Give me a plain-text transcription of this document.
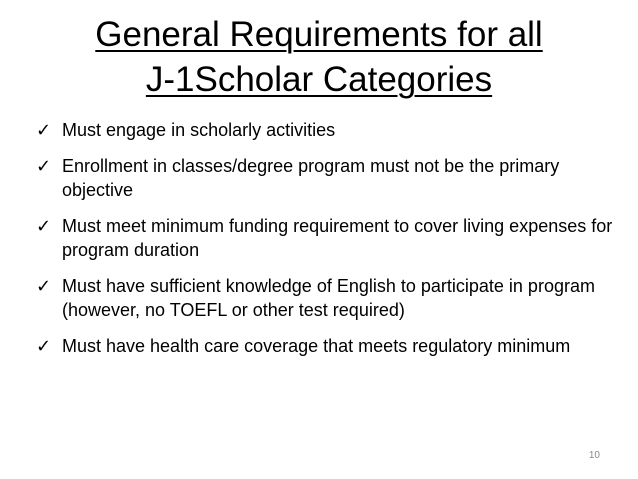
General Requirements for all
J-1Scholar Categories
✓ Must engage in scholarly activities
✓ Enrollment in classes/degree program must not be the primary objective
✓ Must meet minimum funding requirement to cover living expenses for program duration
✓ Must have sufficient knowledge of English to participate in program (however, no TOEFL or other test required)
✓ Must have health care coverage that meets regulatory minimum
10
